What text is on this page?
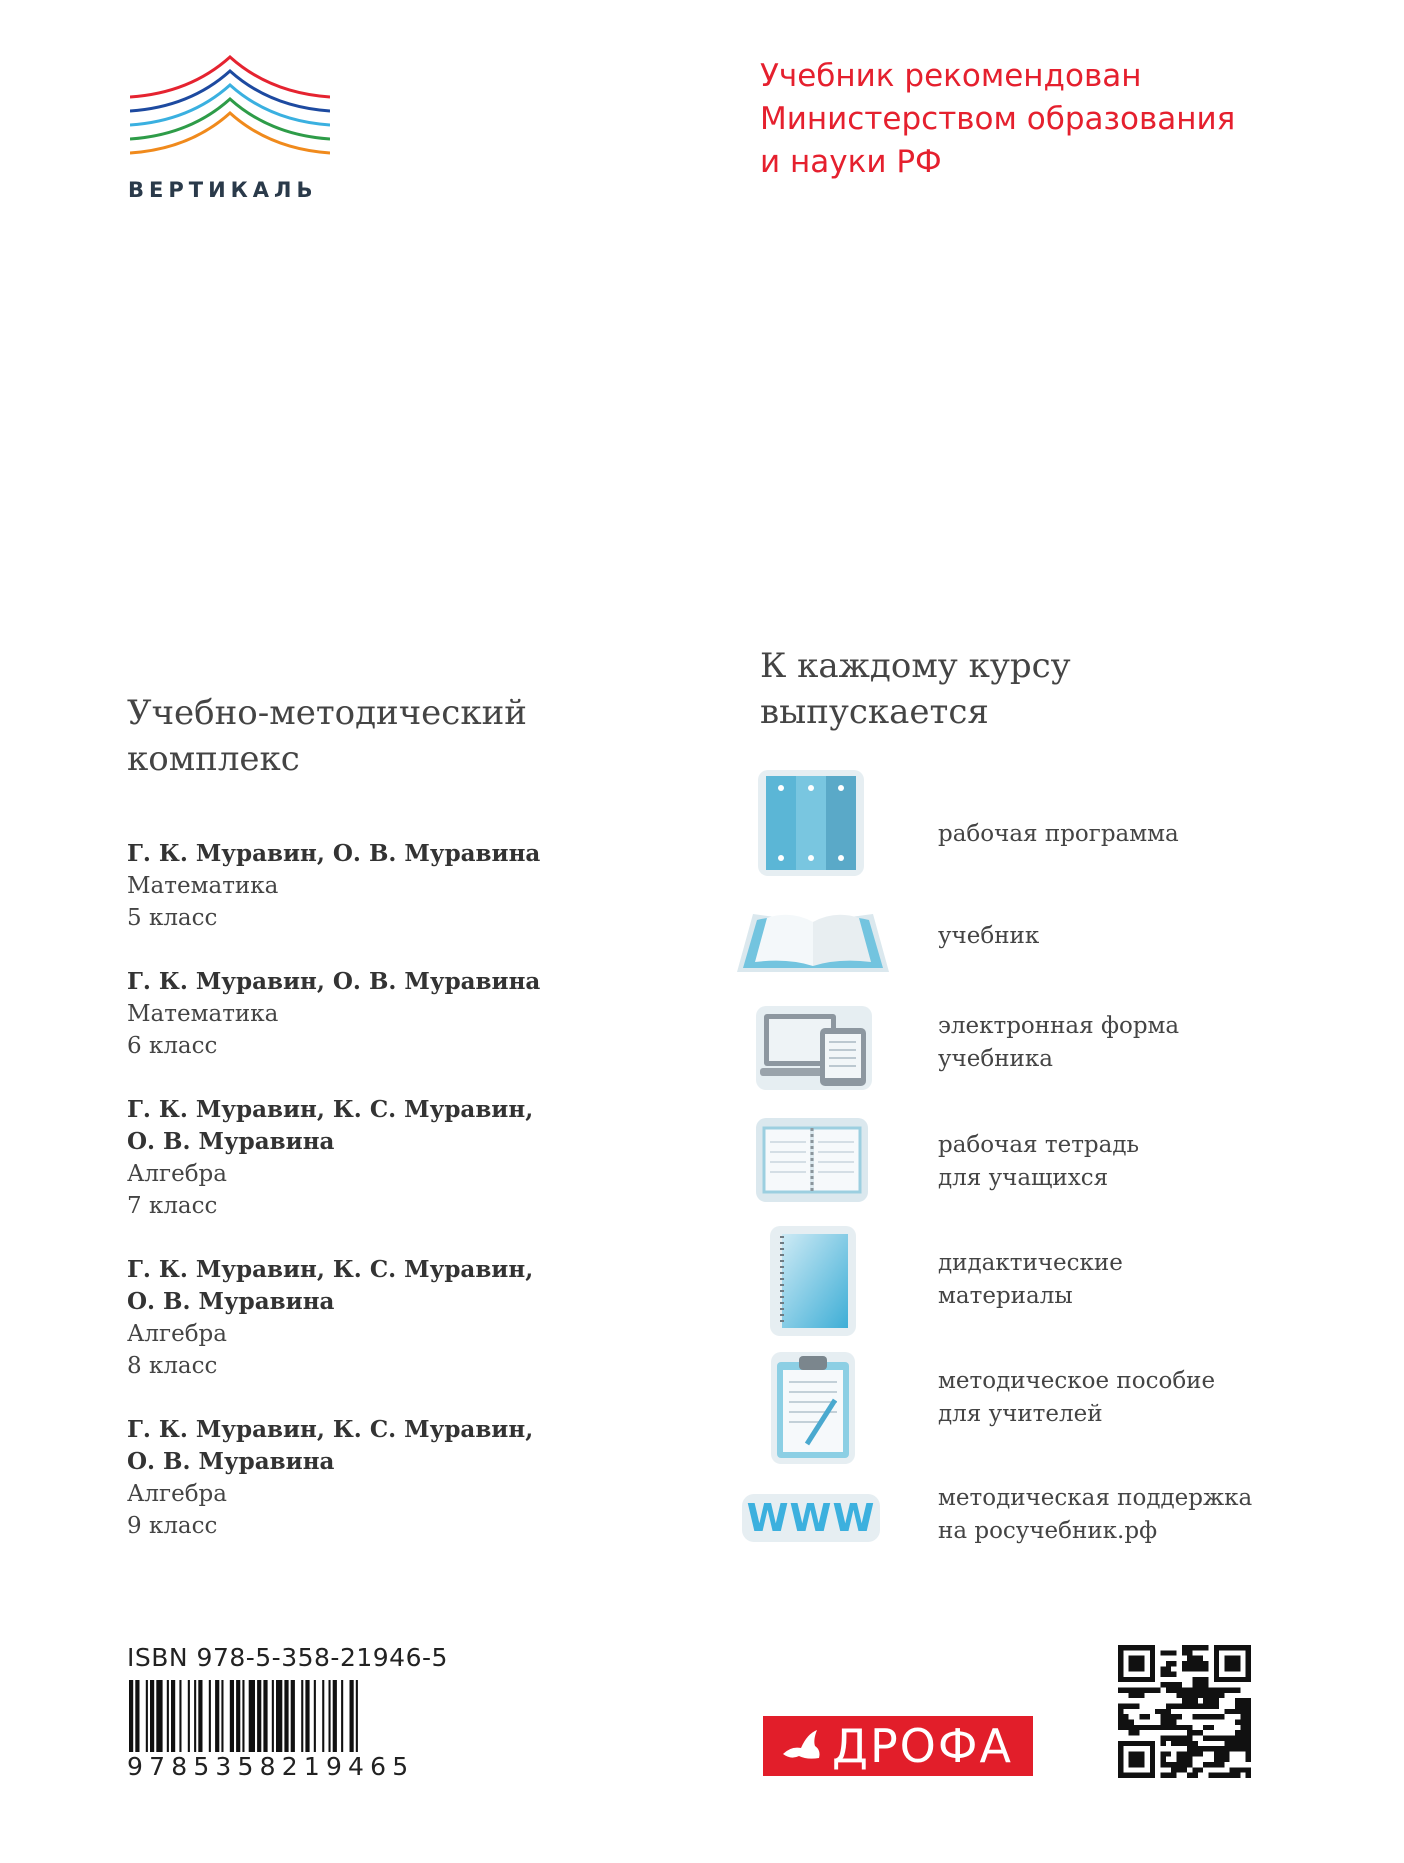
ВЕРТИКАЛЬ
Учебник рекомендован
Министерством образования
и науки РФ
Учебно-методический
комплекс
Г. К. Муравин, О. В. Муравина
Математика
5 класс
Г. К. Муравин, О. В. Муравина
Математика
6 класс
Г. К. Муравин, К. С. Муравин,
О. В. Муравина
Алгебра
7 класс
Г. К. Муравин, К. С. Муравин,
О. В. Муравина
Алгебра
8 класс
Г. К. Муравин, К. С. Муравин,
О. В. Муравина
Алгебра
9 класс
К каждому курсу
выпускается
рабочая программа
учебник
электронная форма
учебника
рабочая тетрадь
для учащихся
дидактические
материалы
методическое пособие
для учителей
WWW	методическая поддержка
на росучебник.рф
ISBN 978-5-358-21946-5
9785358219465	ДРОФА
